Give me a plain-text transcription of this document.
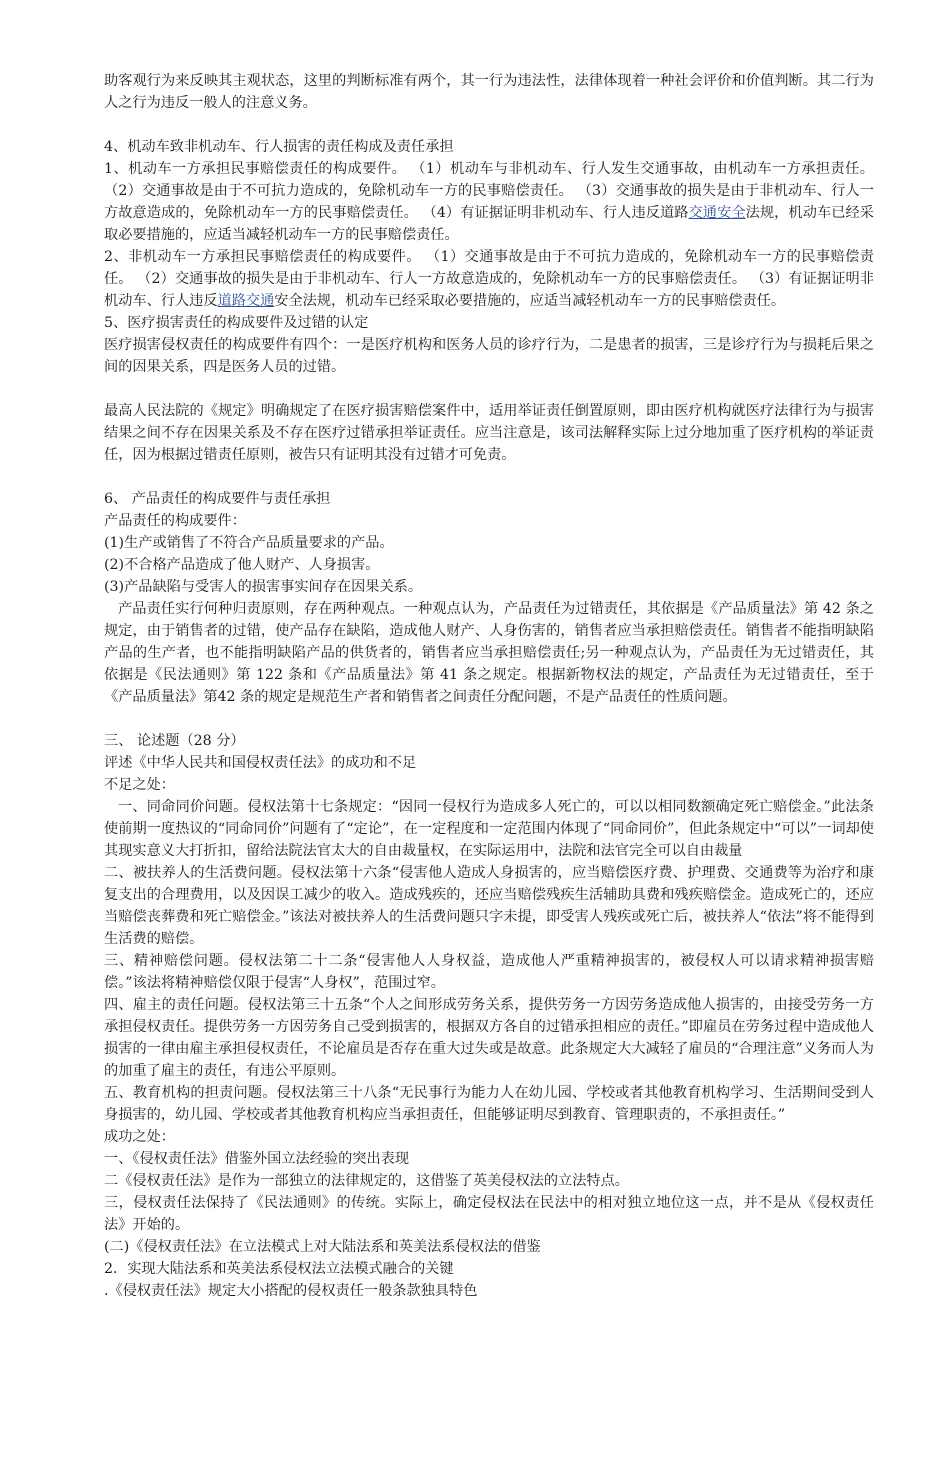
助客观行为来反映其主观状态，这里的判断标准有两个，其一行为违法性，法律体现着一种社会评价和价值判断。其二行为人之行为违反一般人的注意义务。

4、机动车致非机动车、行人损害的责任构成及责任承担

1、机动车一方承担民事赔偿责任的构成要件。 （1）机动车与非机动车、行人发生交通事故，由机动车一方承担责任。 （2）交通事故是由于不可抗力造成的，免除机动车一方的民事赔偿责任。 （3）交通事故的损失是由于非机动车、行人一方故意造成的，免除机动车一方的民事赔偿责任。 （4）有证据证明非机动车、行人违反道路交通安全法规，机动车已经采取必要措施的，应适当减轻机动车一方的民事赔偿责任。

2、非机动车一方承担民事赔偿责任的构成要件。 （1）交通事故是由于不可抗力造成的，免除机动车一方的民事赔偿责任。 （2）交通事故的损失是由于非机动车、行人一方故意造成的，免除机动车一方的民事赔偿责任。 （3）有证据证明非机动车、行人违反道路交通安全法规，机动车已经采取必要措施的，应适当减轻机动车一方的民事赔偿责任。

5、医疗损害责任的构成要件及过错的认定

医疗损害侵权责任的构成要件有四个：一是医疗机构和医务人员的诊疗行为，二是患者的损害，三是诊疗行为与损耗后果之间的因果关系，四是医务人员的过错。

最高人民法院的《规定》明确规定了在医疗损害赔偿案件中，适用举证责任倒置原则，即由医疗机构就医疗法律行为与损害结果之间不存在因果关系及不存在医疗过错承担举证责任。应当注意是，该司法解释实际上过分地加重了医疗机构的举证责任，因为根据过错责任原则，被告只有证明其没有过错才可免责。

6、 产品责任的构成要件与责任承担

产品责任的构成要件：

(1)生产或销售了不符合产品质量要求的产品。

(2)不合格产品造成了他人财产、人身损害。

(3)产品缺陷与受害人的损害事实间存在因果关系。

产品责任实行何种归责原则，存在两种观点。一种观点认为，产品责任为过错责任，其依据是《产品质量法》第 42 条之规定，由于销售者的过错，使产品存在缺陷，造成他人财产、人身伤害的，销售者应当承担赔偿责任。销售者不能指明缺陷产品的生产者，也不能指明缺陷产品的供货者的，销售者应当承担赔偿责任;另一种观点认为，产品责任为无过错责任，其依据是《民法通则》第 122 条和《产品质量法》第 41 条之规定。根据新物权法的规定，产品责任为无过错责任，至于《产品质量法》第42 条的规定是规范生产者和销售者之间责任分配问题，不是产品责任的性质问题。

三、 论述题（28 分）

评述《中华人民共和国侵权责任法》的成功和不足

不足之处：

一、同命同价问题。侵权法第十七条规定：“因同一侵权行为造成多人死亡的，可以以相同数额确定死亡赔偿金。”此法条使前期一度热议的“同命同价”问题有了“定论”，在一定程度和一定范围内体现了“同命同价”，但此条规定中“可以”一词却使其现实意义大打折扣，留给法院法官太大的自由裁量权，在实际运用中，法院和法官完全可以自由裁量

二、被扶养人的生活费问题。侵权法第十六条“侵害他人造成人身损害的，应当赔偿医疗费、护理费、交通费等为治疗和康复支出的合理费用，以及因误工减少的收入。造成残疾的，还应当赔偿残疾生活辅助具费和残疾赔偿金。造成死亡的，还应当赔偿丧葬费和死亡赔偿金。”该法对被扶养人的生活费问题只字未提，即受害人残疾或死亡后，被扶养人“依法”将不能得到生活费的赔偿。

三、精神赔偿问题。侵权法第二十二条“侵害他人人身权益，造成他人严重精神损害的，被侵权人可以请求精神损害赔偿。”该法将精神赔偿仅限于侵害“人身权”，范围过窄。

四、雇主的责任问题。侵权法第三十五条“个人之间形成劳务关系，提供劳务一方因劳务造成他人损害的，由接受劳务一方承担侵权责任。提供劳务一方因劳务自己受到损害的，根据双方各自的过错承担相应的责任。”即雇员在劳务过程中造成他人损害的一律由雇主承担侵权责任，不论雇员是否存在重大过失或是故意。此条规定大大减轻了雇员的“合理注意”义务而人为的加重了雇主的责任，有违公平原则。

五、教育机构的担责问题。侵权法第三十八条“无民事行为能力人在幼儿园、学校或者其他教育机构学习、生活期间受到人身损害的，幼儿园、学校或者其他教育机构应当承担责任，但能够证明尽到教育、管理职责的，不承担责任。”

成功之处：

一、《侵权责任法》借鉴外国立法经验的突出表现

二《侵权责任法》是作为一部独立的法律规定的，这借鉴了英美侵权法的立法特点。

三，侵权责任法保持了《民法通则》的传统。实际上，确定侵权法在民法中的相对独立地位这一点，并不是从《侵权责任法》开始的。

(二)《侵权责任法》在立法模式上对大陆法系和英美法系侵权法的借鉴

2．实现大陆法系和英美法系侵权法立法模式融合的关键

.《侵权责任法》规定大小搭配的侵权责任一般条款独具特色
